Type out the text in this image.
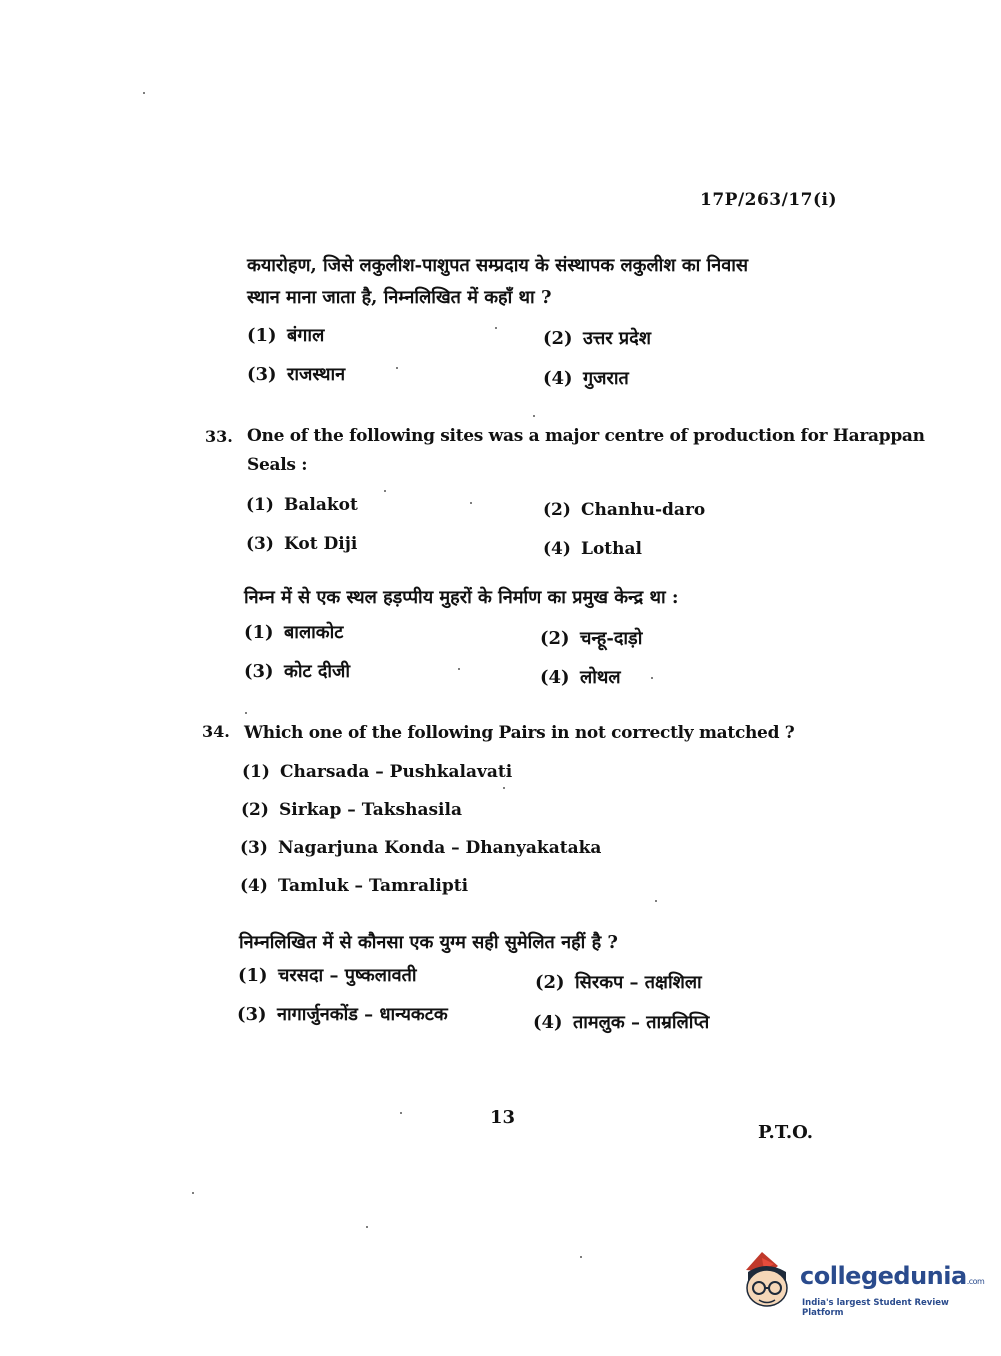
17P/263/17(i)
कयारोहण, जिसे लकुलीश-पाशुपत सम्प्रदाय के संस्थापक लकुलीश का निवास
स्थान माना जाता है, निम्नलिखित में कहाँ था ?
(1) बंगाल	(2) उत्तर प्रदेश
(3) राजस्थान	(4) गुजरात
33. One of the following sites was a major centre of production for Harappan
Seals :
(1) Balakot	(2) Chanhu-daro
(3) Kot Diji	(4) Lothal
निम्न में से एक स्थल हड़प्पीय मुहरों के निर्माण का प्रमुख केन्द्र था :
(1) बालाकोट	(2) चन्हू-दाड़ो
(3) कोट दीजी	(4) लोथल
34. Which one of the following Pairs in not correctly matched ?
(1) Charsada – Pushkalavati
(2) Sirkap – Takshasila
(3) Nagarjuna Konda – Dhanyakataka
(4) Tamluk – Tamralipti
निम्नलिखित में से कौनसा एक युग्म सही सुमेलित नहीं है ?
(1) चरसदा – पुष्कलावती	(2) सिरकप – तक्षशिला
(3) नागार्जुनकोंड – धान्यकटक	(4) तामलुक – ताम्रलिप्ति
13
P.T.O.
collegedunia.com
India's largest Student Review Platform
